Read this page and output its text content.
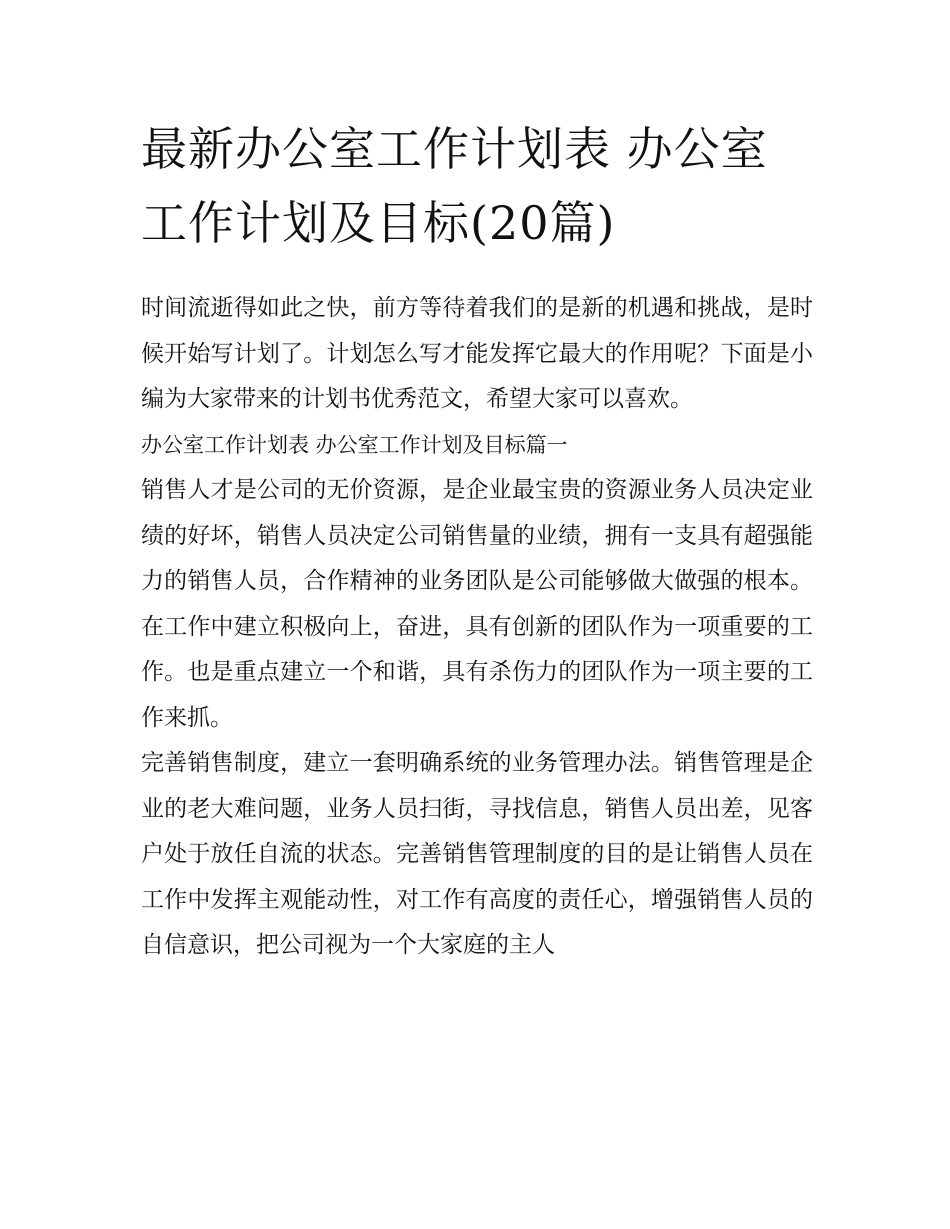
最新办公室工作计划表 办公室工作计划及目标(20篇)

时间流逝得如此之快，前方等待着我们的是新的机遇和挑战，是时候开始写计划了。计划怎么写才能发挥它最大的作用呢？下面是小编为大家带来的计划书优秀范文，希望大家可以喜欢。

办公室工作计划表 办公室工作计划及目标篇一

销售人才是公司的无价资源，是企业最宝贵的资源业务人员决定业绩的好坏，销售人员决定公司销售量的业绩，拥有一支具有超强能力的销售人员，合作精神的业务团队是公司能够做大做强的根本。在工作中建立积极向上，奋进，具有创新的团队作为一项重要的工作。也是重点建立一个和谐，具有杀伤力的团队作为一项主要的工作来抓。

完善销售制度，建立一套明确系统的业务管理办法。销售管理是企业的老大难问题，业务人员扫街，寻找信息，销售人员出差，见客户处于放任自流的状态。完善销售管理制度的目的是让销售人员在工作中发挥主观能动性，对工作有高度的责任心，增强销售人员的自信意识，把公司视为一个大家庭的主人
